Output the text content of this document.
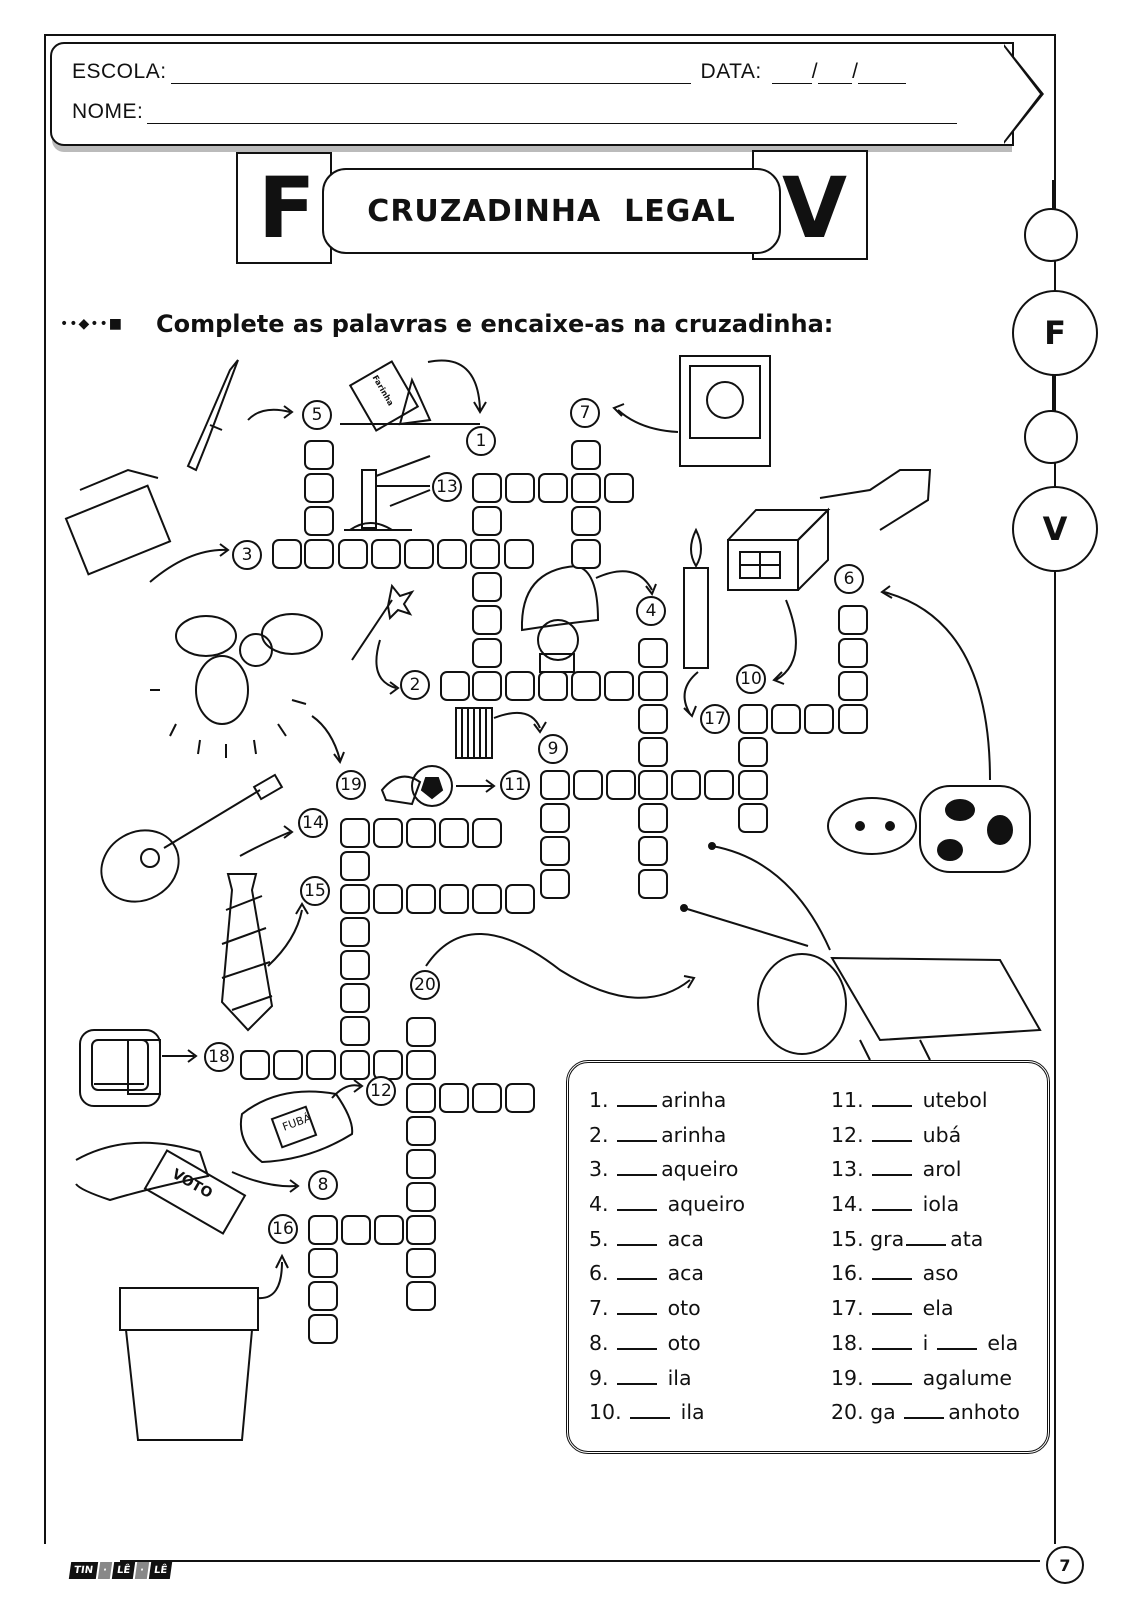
ESCOLA:	DATA: / /
NOME:
F	V
CRUZADINHA  LEGAL
••◆••■ Complete as palavras e encaixe-as na cruzadinha:	F
V
Farinha
FUBÁ
VOTO
1
2
3
4
5
6
7
8
9
10
11
12
13
14
15
16
17
18
19
20
1. arinha
2. arinha
3. aqueiro
4.  aqueiro
5.  aca
6.  aca
7.  oto
8.  oto
9.  ila
10.  ila
11.  utebol
12.  ubá
13.  arol
14.  iola
15. gra ata
16.  aso
17.  ela
18.  i  ela
19.  agalume
20. ga anhoto
TIN · LÊ · LÊ	7
